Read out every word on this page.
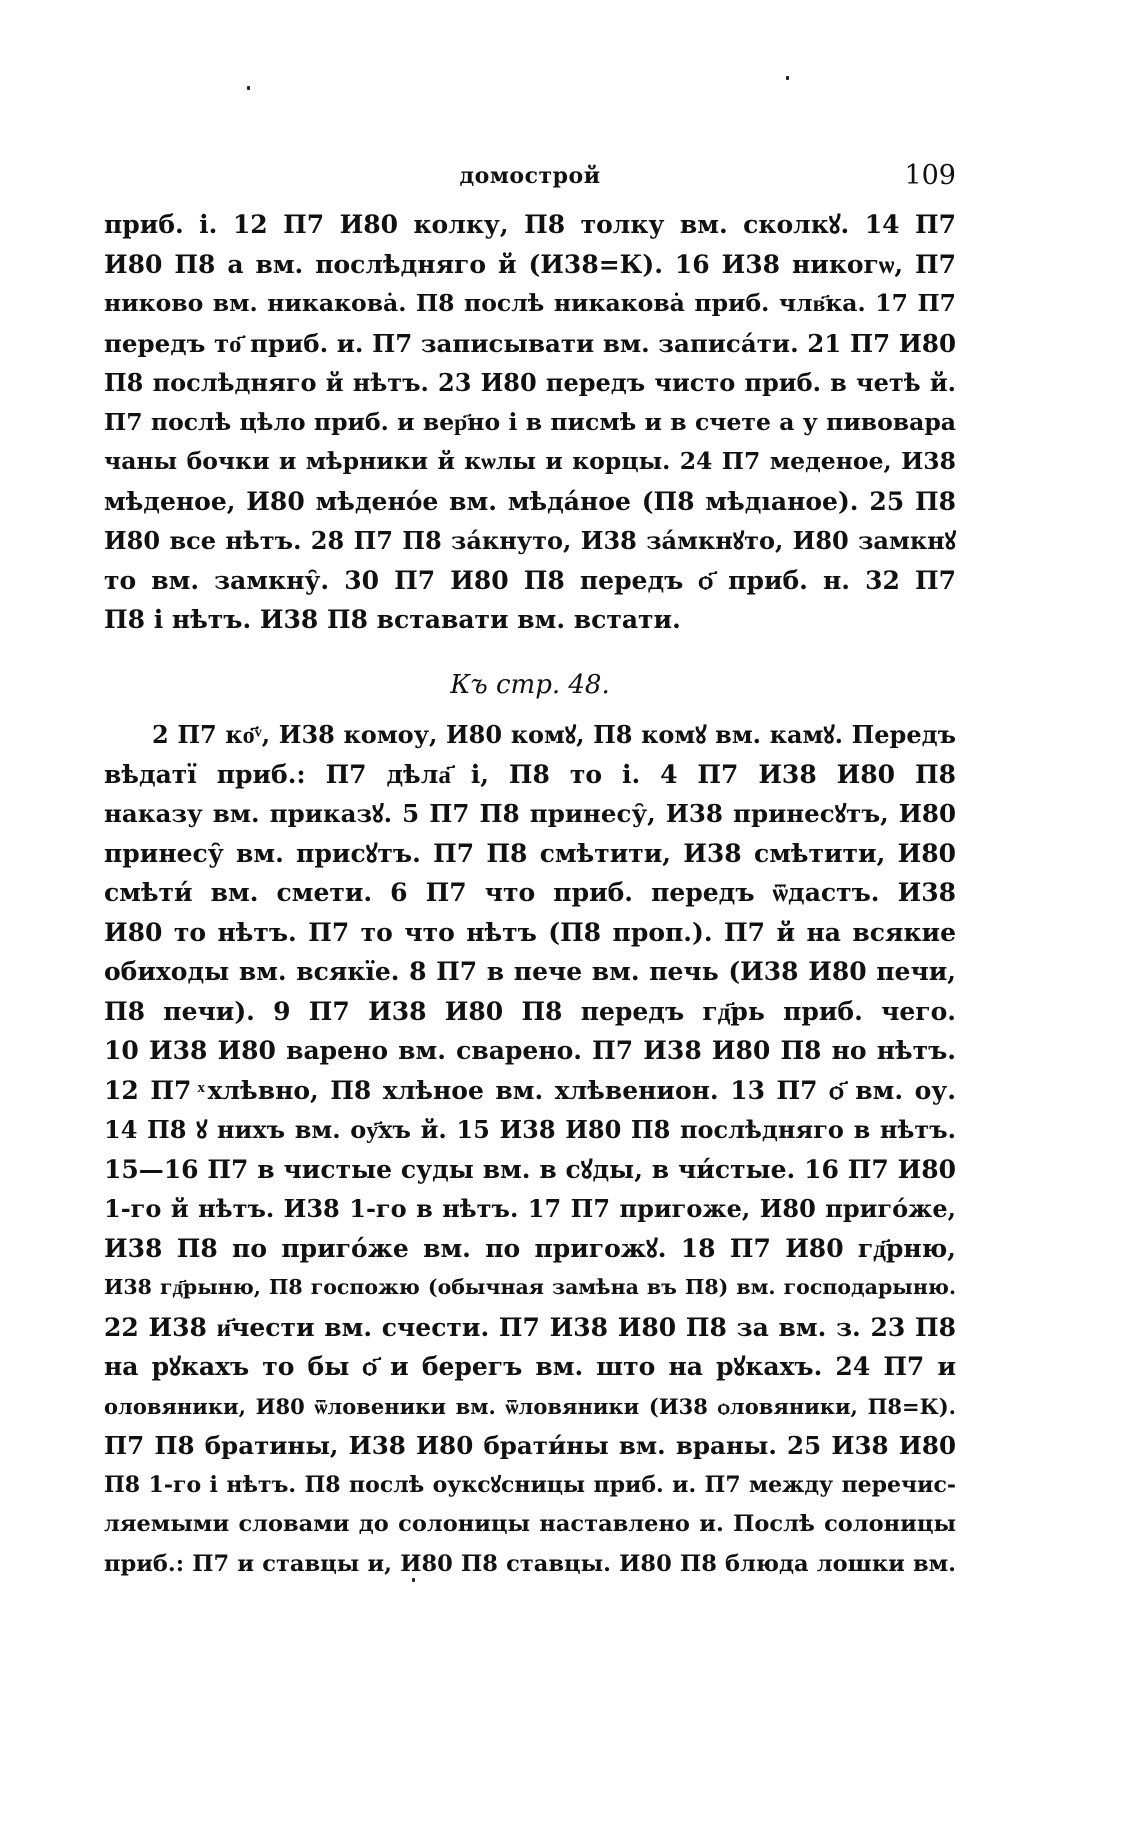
домострой	109
приб. і. 12 П7 И80 колку, П8 толку вм. сколкꙋ. 14 П7
И80 П8 а вм. послѣдняго й (И38=К). 16 И38 никогѡ, П7
никово вм. никаковȧ. П8 послѣ никаковȧ приб. члв҃ка. 17 П7
передъ то҃ приб. и. П7 записывати вм. записа́ти. 21 П7 И80
П8 послѣдняго й нѣтъ. 23 И80 передъ чисто приб. в четѣ й.
П7 послѣ цѣло приб. и вер҃но і в писмѣ и в счете а у пивовара
чаны бочки и мѣрники й кѡлы и корцы. 24 П7 меденое, И38
мѣденое, И80 мѣдено́е вм. мѣда́ное (П8 мѣдıаное). 25 П8
И80 все нѣтъ. 28 П7 П8 за́кнуто, И38 за́мкнꙋто, И80 замкнꙋ
то вм. замкну̑. 30 П7 И80 П8 передъ ѻ҃ приб. н. 32 П7
П8 і нѣтъ. И38 П8 вставати вм. встати.
Къ стр. 48.
2 П7 ко҃ͮ, И38 комоу, И80 комꙋ, П8 комꙋ вм. камꙋ. Передъ
вѣдатї приб.: П7 дѣла҃ і, П8 то і. 4 П7 И38 И80 П8
наказу вм. приказꙋ. 5 П7 П8 принесу̑, И38 принесꙋтъ, И80
принесу̑ вм. присꙋтъ. П7 П8 смѣтити, И38 смѣтити, И80
смѣти́ вм. смети. 6 П7 что приб. передъ ѿдастъ. И38
И80 то нѣтъ. П7 то что нѣтъ (П8 проп.). П7 й на всякие
обиходы вм. всякїе. 8 П7 в пече вм. печь (И38 И80 печи,
П8 печи). 9 П7 И38 И80 П8 передъ гд҃рь приб. чего.
10 И38 И80 варено вм. сварено. П7 И38 И80 П8 но нѣтъ.
12 П7 ͯхлѣвно, П8 хлѣное вм. хлѣвенион. 13 П7 ѻ҃ вм. оу.
14 П8 ꙋ нихъ вм. оу҃хъ й. 15 И38 И80 П8 послѣдняго в нѣтъ.
15—16 П7 в чистые суды вм. в сꙋды, в чи́стые. 16 П7 И80
1-го й нѣтъ. И38 1-го в нѣтъ. 17 П7 пригоже, И80 приго́же,
И38 П8 по приго́же вм. по пригожꙋ. 18 П7 И80 гд҃рню,
И38 гд҃рыню, П8 госпожю (обычная замѣна въ П8) вм. господарыню.
22 И38 и҃чести вм. счести. П7 И38 И80 П8 за вм. з. 23 П8
на рꙋкахъ то бы ѻ҃ и берегъ вм. што на рꙋкахъ. 24 П7 и
оловяники, И80 ѿловеники вм. ѿловяники (И38 ѻловяники, П8=К).
П7 П8 братины, И38 И80 брати́ны вм. враны. 25 И38 И80
П8 1-го і нѣтъ. П8 послѣ оуксꙋсницы приб. и. П7 между перечис-
ляемыми словами до солоницы наставлено и. Послѣ солоницы
приб.: П7 и ставцы и, И80 П8 ставцы. И80 П8 блюда лошки вм.
